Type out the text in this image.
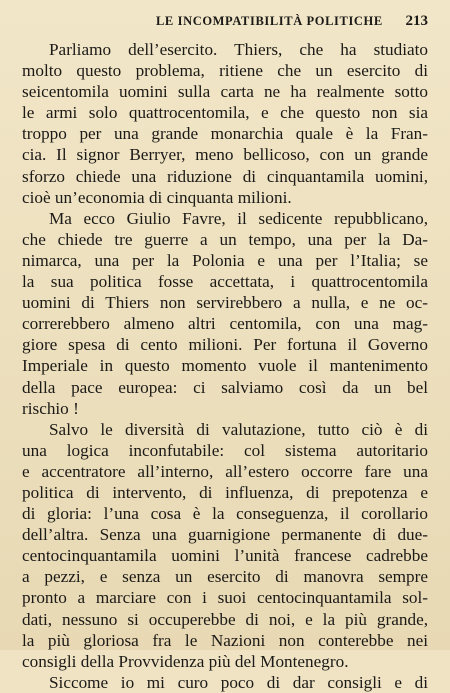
LE INCOMPATIBILITÀ POLITICHE 213
Parliamo dell’esercito. Thiers, che ha studiato
molto questo problema, ritiene che un esercito di
seicentomila uomini sulla carta ne ha realmente sotto
le armi solo quattrocentomila, e che questo non sia
troppo per una grande monarchia quale è la Fran-
cia. Il signor Berryer, meno bellicoso, con un grande
sforzo chiede una riduzione di cinquantamila uomini,
cioè un’economia di cinquanta milioni.
Ma ecco Giulio Favre, il sedicente repubblicano,
che chiede tre guerre a un tempo, una per la Da-
nimarca, una per la Polonia e una per l’Italia; se
la sua politica fosse accettata, i quattrocentomila
uomini di Thiers non servirebbero a nulla, e ne oc-
correrebbero almeno altri centomila, con una mag-
giore spesa di cento milioni. Per fortuna il Governo
Imperiale in questo momento vuole il mantenimento
della pace europea: ci salviamo così da un bel
rischio !
Salvo le diversità di valutazione, tutto ciò è di
una logica inconfutabile: col sistema autoritario
e accentratore all’interno, all’estero occorre fare una
politica di intervento, di influenza, di prepotenza e
di gloria: l’una cosa è la conseguenza, il corollario
dell’altra. Senza una guarnigione permanente di due-
centocinquantamila uomini l’unità francese cadrebbe
a pezzi, e senza un esercito di manovra sempre
pronto a marciare con i suoi centocinquantamila sol-
dati, nessuno si occuperebbe di noi, e la più grande,
la più gloriosa fra le Nazioni non conterebbe nei
consigli della Provvidenza più del Montenegro.
Siccome io mi curo poco di dar consigli e di
